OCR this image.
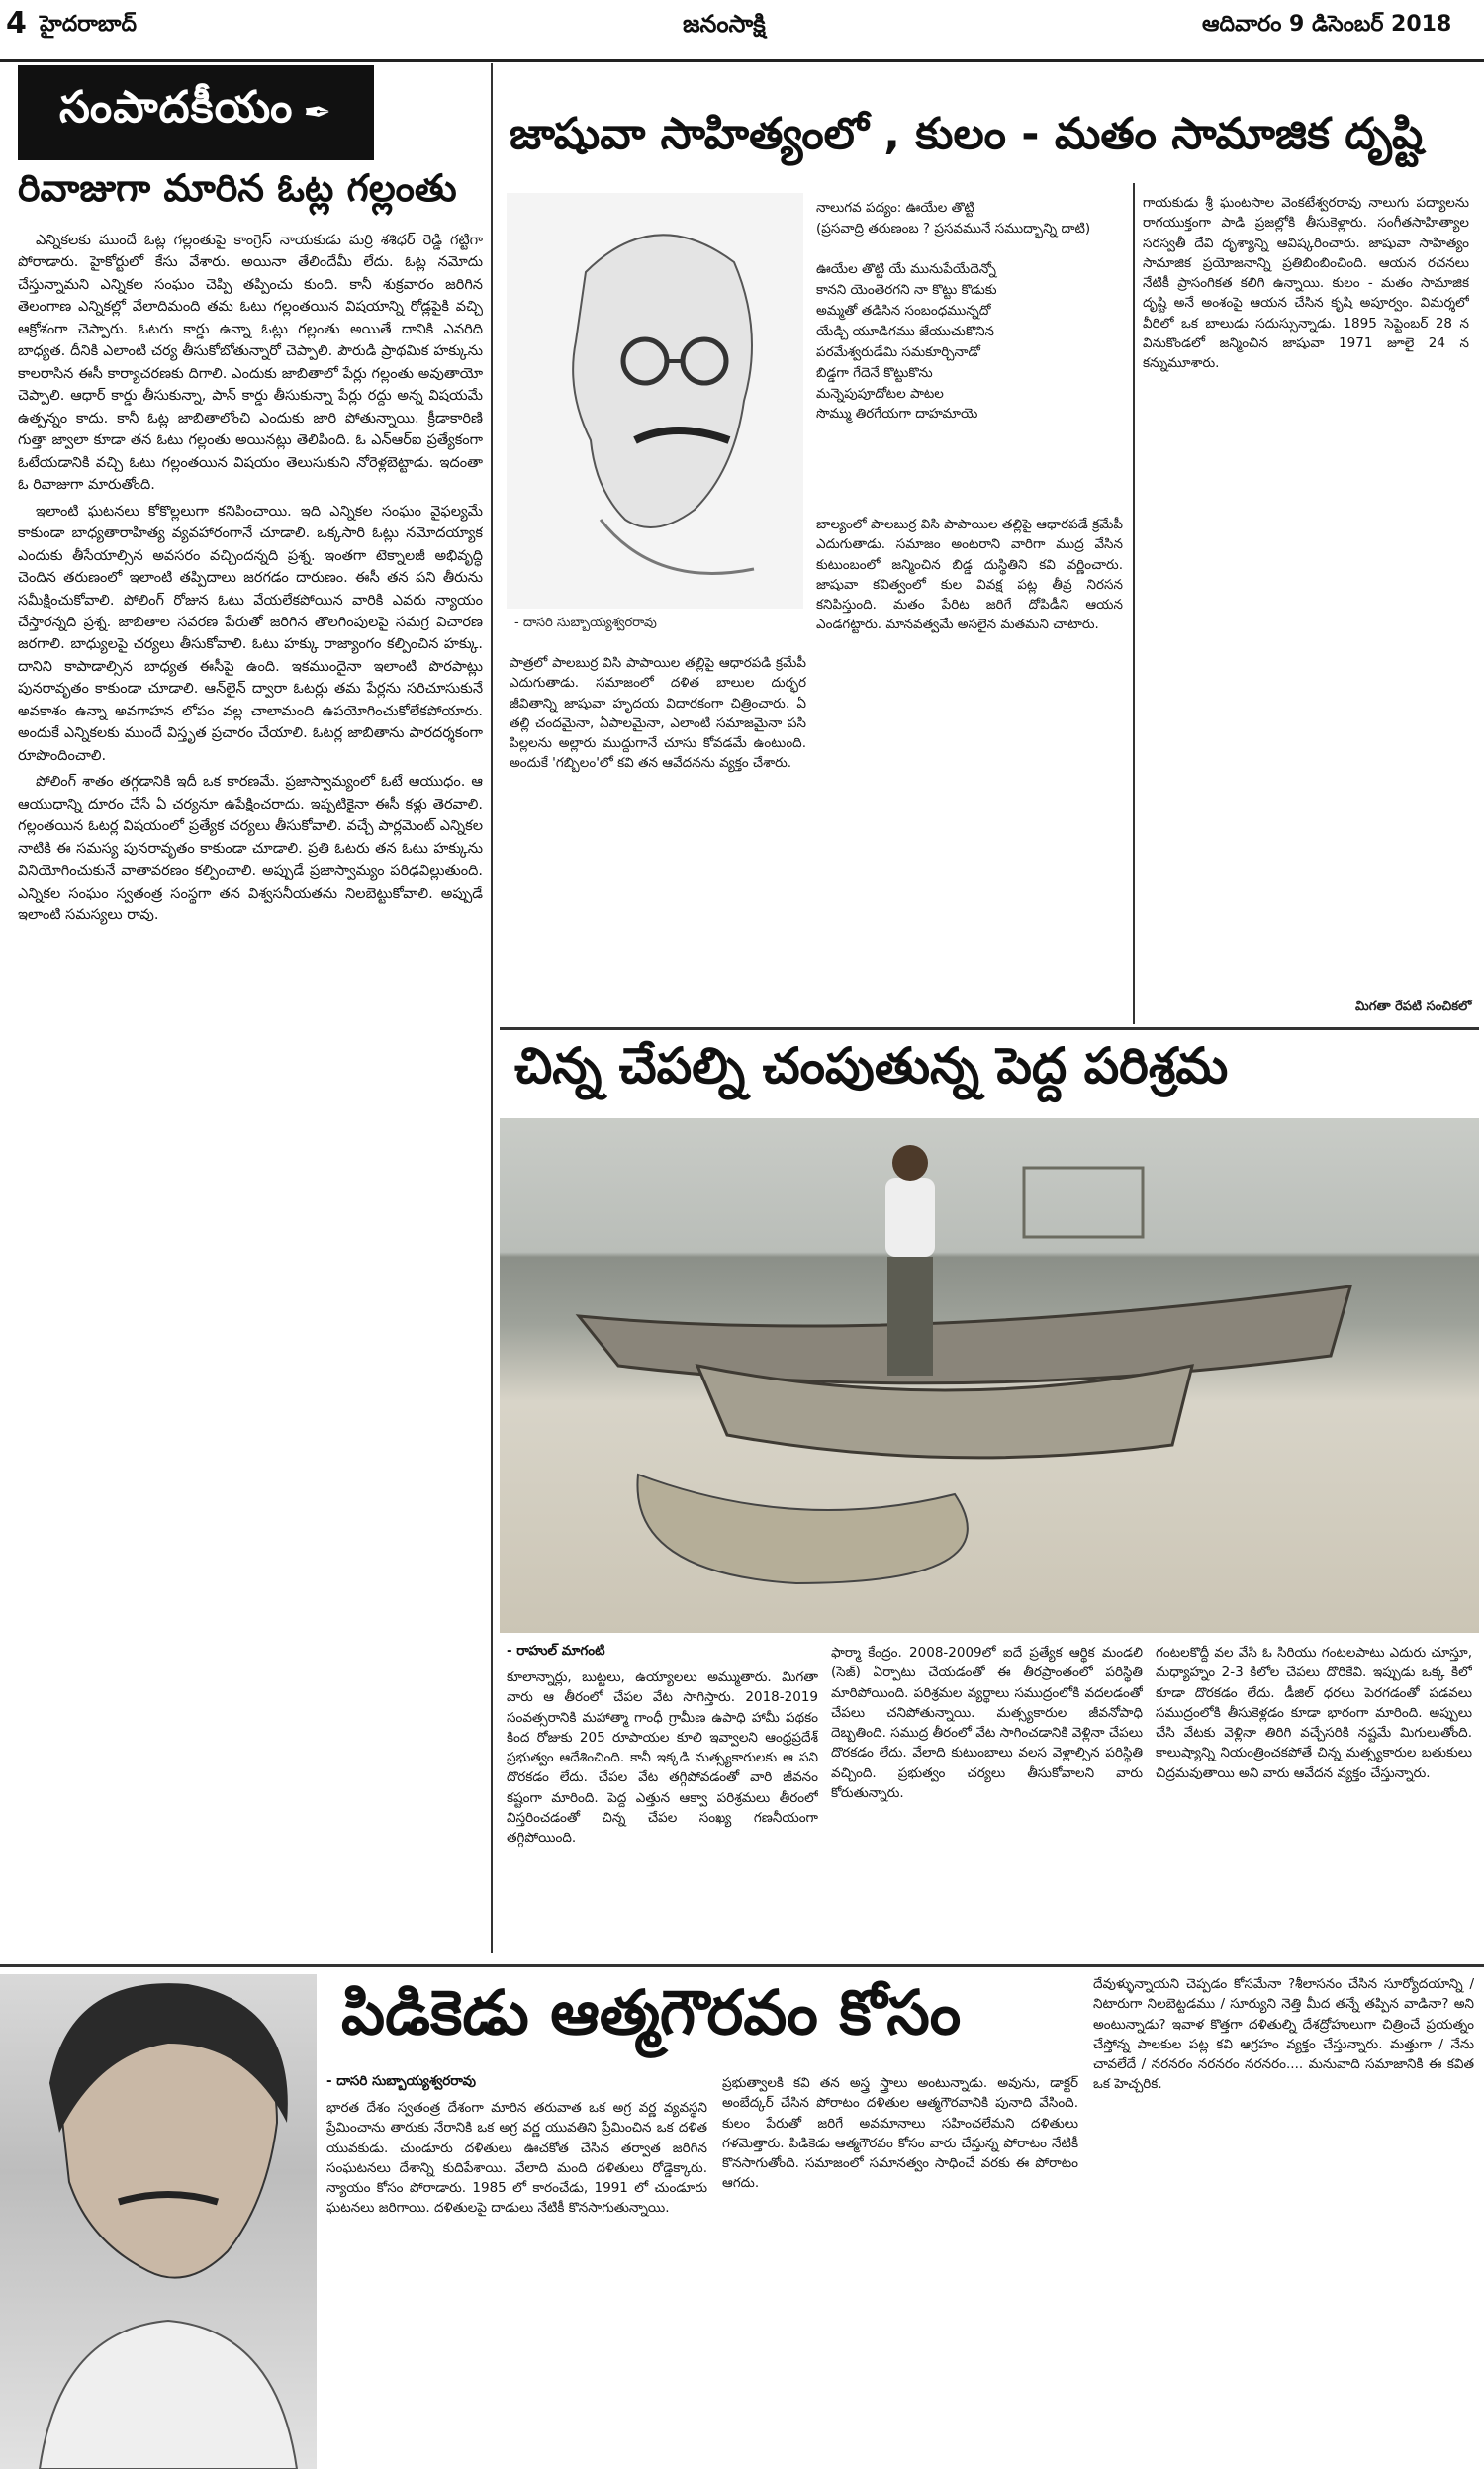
4 హైదరాబాద్	జనంసాక్షి	ఆదివారం 9 డిసెంబర్ 2018
సంపాదకీయం ✒
రివాజుగా మారిన ఓట్ల గల్లంతు

ఎన్నికలకు ముందే ఓట్ల గల్లంతుపై కాంగ్రెస్ నాయకుడు మర్రి శశిధర్ రెడ్డి గట్టిగా పోరాడారు. హైకోర్టులో కేసు వేశారు. అయినా తేలిందేమీ లేదు. ఓట్ల నమోదు చేస్తున్నామని ఎన్నికల సంఘం చెప్పి తప్పించు కుంది. కానీ శుక్రవారం జరిగిన తెలంగాణ ఎన్నికల్లో వేలాదిమంది తమ ఓటు గల్లంతయిన విషయాన్ని రోడ్లపైకి వచ్చి ఆక్రోశంగా చెప్పారు. ఓటరు కార్డు ఉన్నా ఓట్లు గల్లంతు అయితే దానికి ఎవరిది బాధ్యత. దీనికి ఎలాంటి చర్య తీసుకోబోతున్నారో చెప్పాలి. పౌరుడి ప్రాథమిక హక్కును కాలరాసిన ఈసీ కార్యాచరణకు దిగాలి. ఎందుకు జాబితాలో పేర్లు గల్లంతు అవుతాయో చెప్పాలి. ఆధార్ కార్డు తీసుకున్నా, పాన్ కార్డు తీసుకున్నా పేర్లు రద్దు అన్న విషయమే ఉత్పన్నం కాదు. కానీ ఓట్ల జాబితాలోంచి ఎందుకు జారి పోతున్నాయి. క్రీడాకారిణి గుత్తా జ్వాలా కూడా తన ఓటు గల్లంతు అయినట్లు తెలిపింది. ఓ ఎన్ఆర్ఐ ప్రత్యేకంగా ఓటేయడానికి వచ్చి ఓటు గల్లంతయిన విషయం తెలుసుకుని నోరెళ్లబెట్టాడు. ఇదంతా ఓ రివాజుగా మారుతోంది.

ఇలాంటి ఘటనలు కోకొల్లలుగా కనిపించాయి. ఇది ఎన్నికల సంఘం వైఫల్యమే కాకుండా బాధ్యతారాహిత్య వ్యవహారంగానే చూడాలి. ఒక్కసారి ఓట్లు నమోదయ్యాక ఎందుకు తీసేయాల్సిన అవసరం వచ్చిందన్నది ప్రశ్న. ఇంతగా టెక్నాలజీ అభివృద్ధి చెందిన తరుణంలో ఇలాంటి తప్పిదాలు జరగడం దారుణం. ఈసీ తన పని తీరును సమీక్షించుకోవాలి. పోలింగ్ రోజున ఓటు వేయలేకపోయిన వారికి ఎవరు న్యాయం చేస్తారన్నది ప్రశ్న. జాబితాల సవరణ పేరుతో జరిగిన తొలగింపులపై సమగ్ర విచారణ జరగాలి. బాధ్యులపై చర్యలు తీసుకోవాలి. ఓటు హక్కు రాజ్యాంగం కల్పించిన హక్కు. దానిని కాపాడాల్సిన బాధ్యత ఈసీపై ఉంది. ఇకముందైనా ఇలాంటి పొరపాట్లు పునరావృతం కాకుండా చూడాలి. ఆన్‌లైన్ ద్వారా ఓటర్లు తమ పేర్లను సరిచూసుకునే అవకాశం ఉన్నా అవగాహన లోపం వల్ల చాలామంది ఉపయోగించుకోలేకపోయారు. అందుకే ఎన్నికలకు ముందే విస్తృత ప్రచారం చేయాలి. ఓటర్ల జాబితాను పారదర్శకంగా రూపొందించాలి.

పోలింగ్ శాతం తగ్గడానికి ఇదీ ఒక కారణమే. ప్రజాస్వామ్యంలో ఓటే ఆయుధం. ఆ ఆయుధాన్ని దూరం చేసే ఏ చర్యనూ ఉపేక్షించరాదు. ఇప్పటికైనా ఈసీ కళ్లు తెరవాలి. గల్లంతయిన ఓటర్ల విషయంలో ప్రత్యేక చర్యలు తీసుకోవాలి. వచ్చే పార్లమెంట్ ఎన్నికల నాటికి ఈ సమస్య పునరావృతం కాకుండా చూడాలి. ప్రతి ఓటరు తన ఓటు హక్కును వినియోగించుకునే వాతావరణం కల్పించాలి. అప్పుడే ప్రజాస్వామ్యం పరిఢవిల్లుతుంది. ఎన్నికల సంఘం స్వతంత్ర సంస్థగా తన విశ్వసనీయతను నిలబెట్టుకోవాలి. అప్పుడే ఇలాంటి సమస్యలు రావు.

జాషువా సాహిత్యంలో , కులం - మతం సామాజిక దృష్టి
- దాసరి సుబ్బాయ్యశ్వరరావు
నాలుగవ పద్యం: ఊయేల తొట్టి
(ప్రసవాద్రి తరుణంబ ? ప్రసవమునే సముద్భాన్ని దాటి)
ఊయేల తొట్టి యే మునుపేయేదెన్నో
కానని యెంతెరగని నా కొట్టు కొడుకు
అమ్మతో తడిసిన సంబంధమున్నదో
యేడ్చి యూడిగము జేయుచుకొనిన
పరమేశ్వరుడేమి సమకూర్చినాడో
బిడ్డగా గేదెనే కొట్టుకొను
మన్నెపుపూదోటల పాటల
సొమ్ము తిరగేయగా దాహమాయె
పాత్రలో పాలబుర్ర విసి పాపాయిల తల్లిపై ఆధారపడి క్రమేపీ ఎదుగుతాడు. సమాజంలో దళిత బాలుల దుర్భర జీవితాన్ని జాషువా హృదయ విదారకంగా చిత్రించారు. ఏ తల్లి చందమైనా, ఏపాలమైనా, ఎలాంటి సమాజమైనా పసి పిల్లలను అల్లారు ముద్దుగానే చూసు కోవడమే ఉంటుంది. అందుకే 'గబ్బిలం'లో కవి తన ఆవేదనను వ్యక్తం చేశారు.
బాల్యంలో పాలబుర్ర విసి పాపాయిల తల్లిపై ఆధారపడే క్రమేపీ ఎదుగుతాడు. సమాజం అంటరాని వారిగా ముద్ర వేసిన కుటుంబంలో జన్మించిన బిడ్డ దుస్థితిని కవి వర్ణించారు. జాషువా కవిత్వంలో కుల వివక్ష పట్ల తీవ్ర నిరసన కనిపిస్తుంది. మతం పేరిట జరిగే దోపిడీని ఆయన ఎండగట్టారు. మానవత్వమే అసలైన మతమని చాటారు.
గాయకుడు శ్రీ ఘంటసాల వెంకటేశ్వరరావు నాలుగు పద్యాలను రాగయుక్తంగా పాడి ప్రజల్లోకి తీసుకెళ్లారు. సంగీతసాహిత్యాల సరస్వతీ దేవి దృశ్యాన్ని ఆవిష్కరించారు. జాషువా సాహిత్యం సామాజిక ప్రయోజనాన్ని ప్రతిబింబించింది. ఆయన రచనలు నేటికీ ప్రాసంగికత కలిగి ఉన్నాయి. కులం - మతం సామాజిక దృష్టి అనే అంశంపై ఆయన చేసిన కృషి అపూర్వం. విమర్శలో వీరిలో ఒక బాలుడు సదుస్సున్నాడు. 1895 సెప్టెంబర్ 28 న వినుకొండలో జన్మించిన జాషువా 1971 జూలై 24 న కన్నుమూశారు.
మిగతా రేపటి సంచికలో
చిన్న చేపల్ని చంపుతున్న పెద్ద పరిశ్రమ
- రాహుల్ మాగంటి
కూలాన్నార్లు, బుట్టలు, ఉయ్యాలలు అమ్ముతారు. మిగతా వారు ఆ తీరంలో చేపల వేట సాగిస్తారు. 2018-2019 సంవత్సరానికి మహాత్మా గాంధీ గ్రామీణ ఉపాధి హామీ పథకం కింద రోజుకు 205 రూపాయల కూలి ఇవ్వాలని ఆంధ్రప్రదేశ్ ప్రభుత్వం ఆదేశించింది. కానీ ఇక్కడి మత్స్యకారులకు ఆ పని దొరకడం లేదు. చేపల వేట తగ్గిపోవడంతో వారి జీవనం కష్టంగా మారింది. పెద్ద ఎత్తున ఆక్వా పరిశ్రమలు తీరంలో విస్తరించడంతో చిన్న చేపల సంఖ్య గణనీయంగా తగ్గిపోయింది.
ఫార్మా కేంద్రం. 2008-2009లో ఐదే ప్రత్యేక ఆర్థిక మండలి (సెజ్) ఏర్పాటు చేయడంతో ఈ తీరప్రాంతంలో పరిస్థితి మారిపోయింది. పరిశ్రమల వ్యర్థాలు సముద్రంలోకి వదలడంతో చేపలు చనిపోతున్నాయి. మత్స్యకారుల జీవనోపాధి దెబ్బతింది. సముద్ర తీరంలో వేట సాగించడానికి వెళ్లినా చేపలు దొరకడం లేదు. వేలాది కుటుంబాలు వలస వెళ్లాల్సిన పరిస్థితి వచ్చింది. ప్రభుత్వం చర్యలు తీసుకోవాలని వారు కోరుతున్నారు.
గంటలకొద్దీ వల వేసి ఓ సిరియు గంటలపాటు ఎదురు చూస్తూ, మధ్యాహ్నం 2-3 కిలోల చేపలు దొరికేవి. ఇప్పుడు ఒక్క కిలో కూడా దొరకడం లేదు. డీజిల్ ధరలు పెరగడంతో పడవలు సముద్రంలోకి తీసుకెళ్లడం కూడా భారంగా మారింది. అప్పులు చేసి వేటకు వెళ్లినా తిరిగి వచ్చేసరికి నష్టమే మిగులుతోంది. కాలుష్యాన్ని నియంత్రించకపోతే చిన్న మత్స్యకారుల బతుకులు చిద్రమవుతాయి అని వారు ఆవేదన వ్యక్తం చేస్తున్నారు.
పిడికెడు ఆత్మగౌరవం కోసం
- దాసరి సుబ్బాయ్యశ్వరరావు
భారత దేశం స్వతంత్ర దేశంగా మారిన తరువాత ఒక అగ్ర వర్ణ వ్యవస్థని ప్రేమించాను తారుకు నేరానికి ఒక అగ్ర వర్ణ యువతిని ప్రేమించిన ఒక దళిత యువకుడు. చుండూరు దళితులు ఊచకోత చేసిన తర్వాత జరిగిన సంఘటనలు దేశాన్ని కుదిపేశాయి. వేలాది మంది దళితులు రోడ్డెక్కారు. న్యాయం కోసం పోరాడారు. 1985 లో కారంచేడు, 1991 లో చుండూరు ఘటనలు జరిగాయి. దళితులపై దాడులు నేటికీ కొనసాగుతున్నాయి.
ప్రభుత్వాలకి కవి తన అస్త్ర స్త్రాలు అంటున్నాడు. అవును, డాక్టర్ అంబేద్కర్ చేసిన పోరాటం దళితుల ఆత్మగౌరవానికి పునాది వేసింది. కులం పేరుతో జరిగే అవమానాలు సహించలేమని దళితులు గళమెత్తారు. పిడికెడు ఆత్మగౌరవం కోసం వారు చేస్తున్న పోరాటం నేటికీ కొనసాగుతోంది. సమాజంలో సమానత్వం సాధించే వరకు ఈ పోరాటం ఆగదు.
దేవుళ్ళున్నాయని చెప్పడం కోసమేనా ?శీలాసనం చేసిన సూర్యోదయాన్ని / నిటారుగా నిలబెట్టడము / సూర్యుని నెత్తి మీద తన్నే తప్పిన వాడినా? అని అంటున్నాడు? ఇవాళ కొత్తగా దళితుల్ని దేశద్రోహులుగా చిత్రించే ప్రయత్నం చేస్తోన్న పాలకుల పట్ల కవి ఆగ్రహం వ్యక్తం చేస్తున్నారు. మత్తుగా / నేను చావలేదే / నరనరం నరనరం నరనరం.... మనువాది సమాజానికి ఈ కవిత ఒక హెచ్చరిక.
